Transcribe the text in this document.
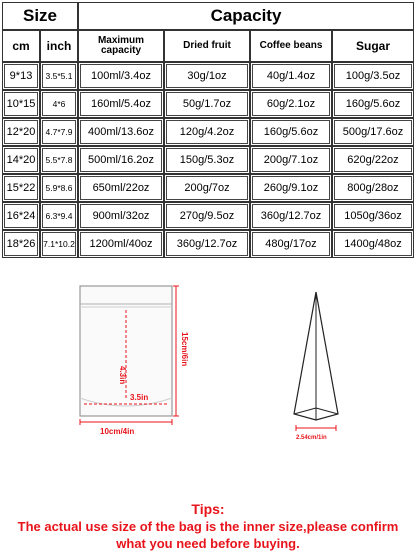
Size		Capacity			
cm	inch	Maximum capacity	Dried fruit	Coffee beans	Sugar
9*13	3.5*5.1	100ml/3.4oz	30g/1oz	40g/1.4oz	100g/3.5oz
10*15	4*6	160ml/5.4oz	50g/1.7oz	60g/2.1oz	160g/5.6oz
12*20	4.7*7.9	400ml/13.6oz	120g/4.2oz	160g/5.6oz	500g/17.6oz
14*20	5.5*7.8	500ml/16.2oz	150g/5.3oz	200g/7.1oz	620g/22oz
15*22	5.9*8.6	650ml/22oz	200g/7oz	260g/9.1oz	800g/28oz
16*24	6.3*9.4	900ml/32oz	270g/9.5oz	360g/12.7oz	1050g/36oz
18*26	7.1*10.2	1200ml/40oz	360g/12.7oz	480g/17oz	1400g/48oz
4.3in
3.5in
15cm/6in
10cm/4in
2.54cm/1in
Tips:
The actual use size of the bag is the inner size,please confirm what you need before buying.
